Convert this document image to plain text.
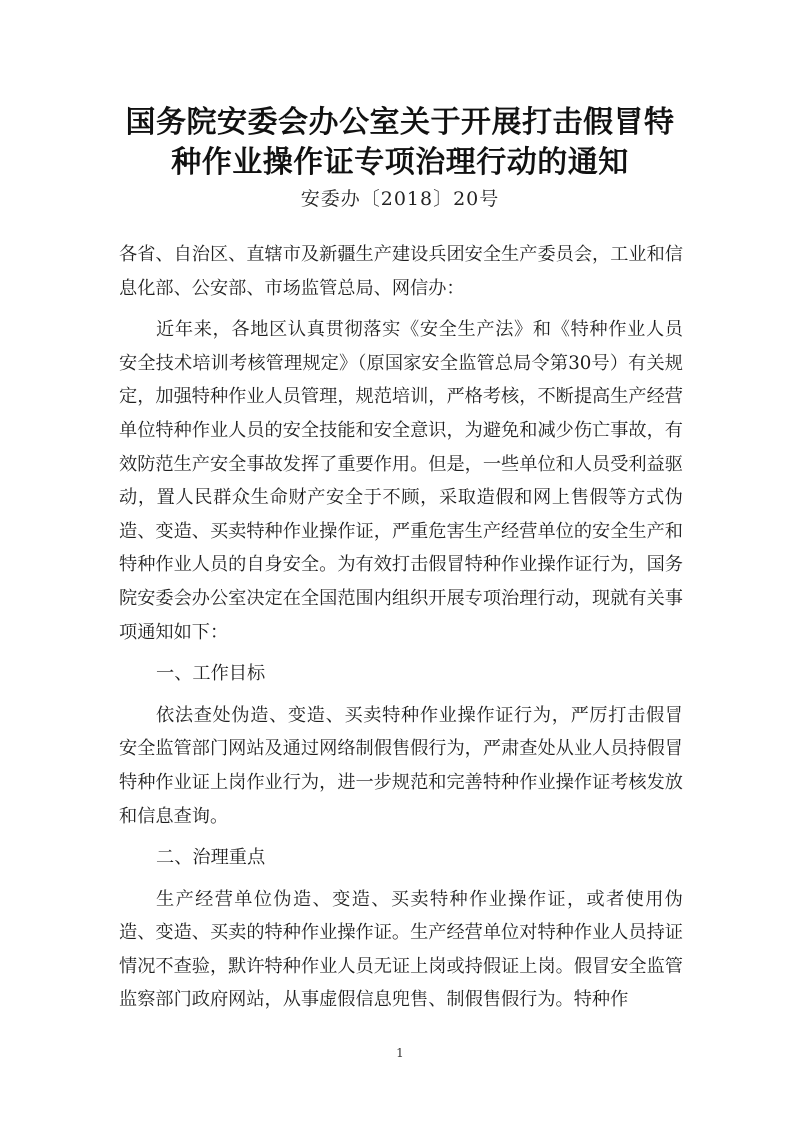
国务院安委会办公室关于开展打击假冒特
种作业操作证专项治理行动的通知
安委办〔2018〕20号

各省、自治区、直辖市及新疆生产建设兵团安全生产委员会，工业和信息化部、公安部、市场监管总局、网信办：

近年来，各地区认真贯彻落实《安全生产法》和《特种作业人员安全技术培训考核管理规定》（原国家安全监管总局令第30号）有关规定，加强特种作业人员管理，规范培训，严格考核，不断提高生产经营单位特种作业人员的安全技能和安全意识，为避免和减少伤亡事故，有效防范生产安全事故发挥了重要作用。但是，一些单位和人员受利益驱动，置人民群众生命财产安全于不顾，采取造假和网上售假等方式伪造、变造、买卖特种作业操作证，严重危害生产经营单位的安全生产和特种作业人员的自身安全。为有效打击假冒特种作业操作证行为，国务院安委会办公室决定在全国范围内组织开展专项治理行动，现就有关事项通知如下：

一、工作目标

依法查处伪造、变造、买卖特种作业操作证行为，严厉打击假冒安全监管部门网站及通过网络制假售假行为，严肃查处从业人员持假冒特种作业证上岗作业行为，进一步规范和完善特种作业操作证考核发放和信息查询。

二、治理重点

生产经营单位伪造、变造、买卖特种作业操作证，或者使用伪造、变造、买卖的特种作业操作证。生产经营单位对特种作业人员持证情况不查验，默许特种作业人员无证上岗或持假证上岗。假冒安全监管监察部门政府网站，从事虚假信息兜售、制假售假行为。特种作

1
